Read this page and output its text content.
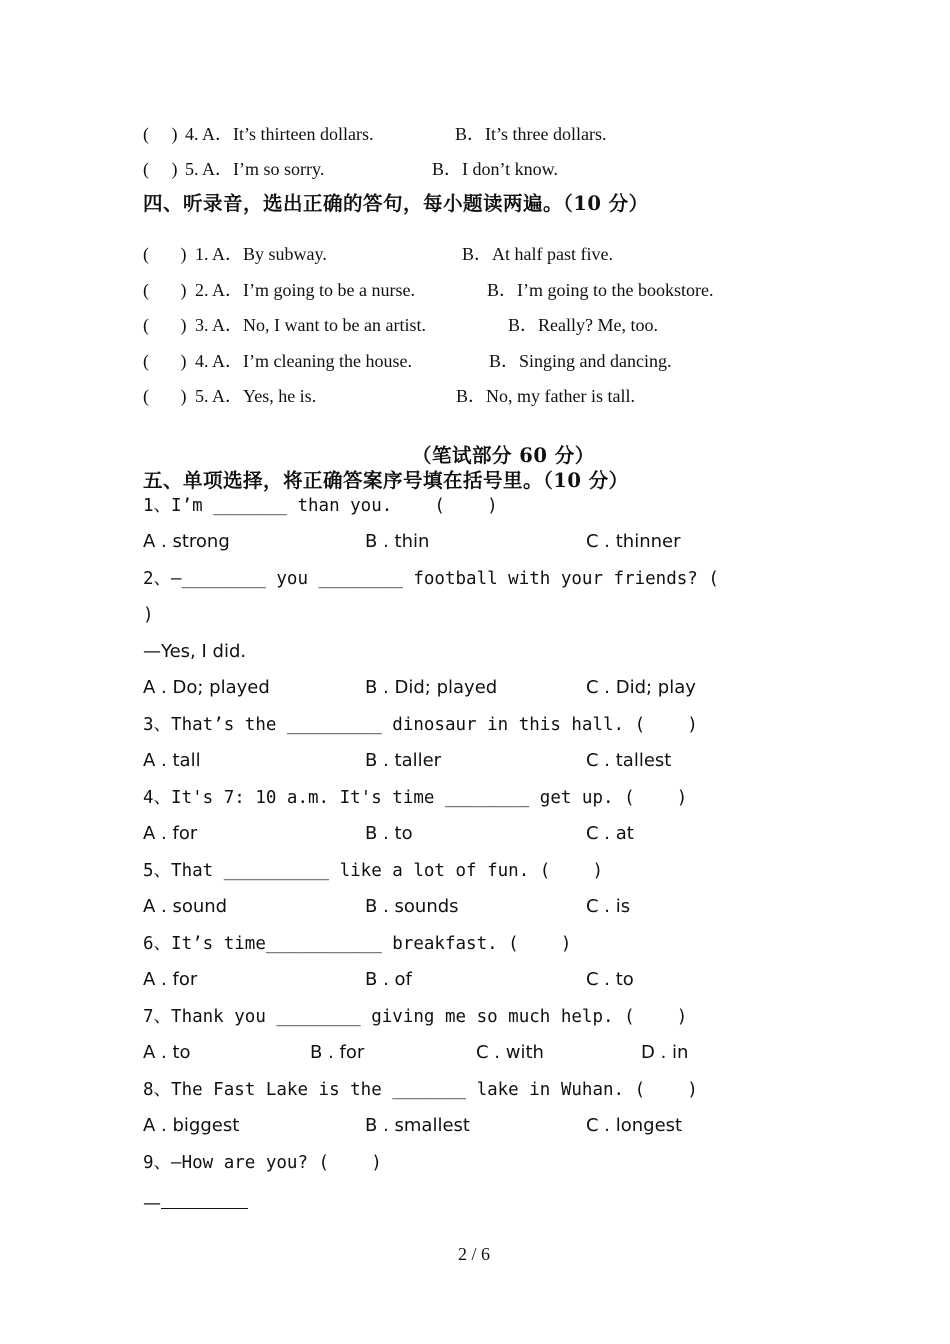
(     ) 4. A．It’s thirteen dollars.	B．It’s three dollars.
(     ) 5. A．I’m so sorry.	B．I don’t know.
四、听录音，选出正确的答句，每小题读两遍。（10 分）
(       ) 1. A．By subway.	B．At half past five.
(       ) 2. A．I’m going to be a nurse.	B．I’m going to the bookstore.
(       ) 3. A．No, I want to be an artist.	B．Really? Me, too.
(       ) 4. A．I’m cleaning the house.	B．Singing and dancing.
(       ) 5. A．Yes, he is.	B．No, my father is tall.
（笔试部分 60 分）
五、单项选择，将正确答案序号填在括号里。（10 分）
1、I’m _______ than you.    (    )
A . strong	B . thin	C . thinner
2、—________ you ________ football with your friends? (
)
—Yes, I did.
A . Do; played	B . Did; played	C . Did; play
3、That’s the _________ dinosaur in this hall. (    )
A . tall	B . taller	C . tallest
4、It's 7: 10 a.m. It's time ________ get up. (    )
A . for	B . to	C . at
5、That __________ like a lot of fun. (    )
A . sound	B . sounds	C . is
6、It’s time___________ breakfast. (    )
A . for	B . of	C . to
7、Thank you ________ giving me so much help. (    )
A . to	B . for	C . with	D . in
8、The Fast Lake is the _______ lake in Wuhan. (    )
A . biggest	B . smallest	C . longest
9、—How are you? (    )
—
2 / 6
